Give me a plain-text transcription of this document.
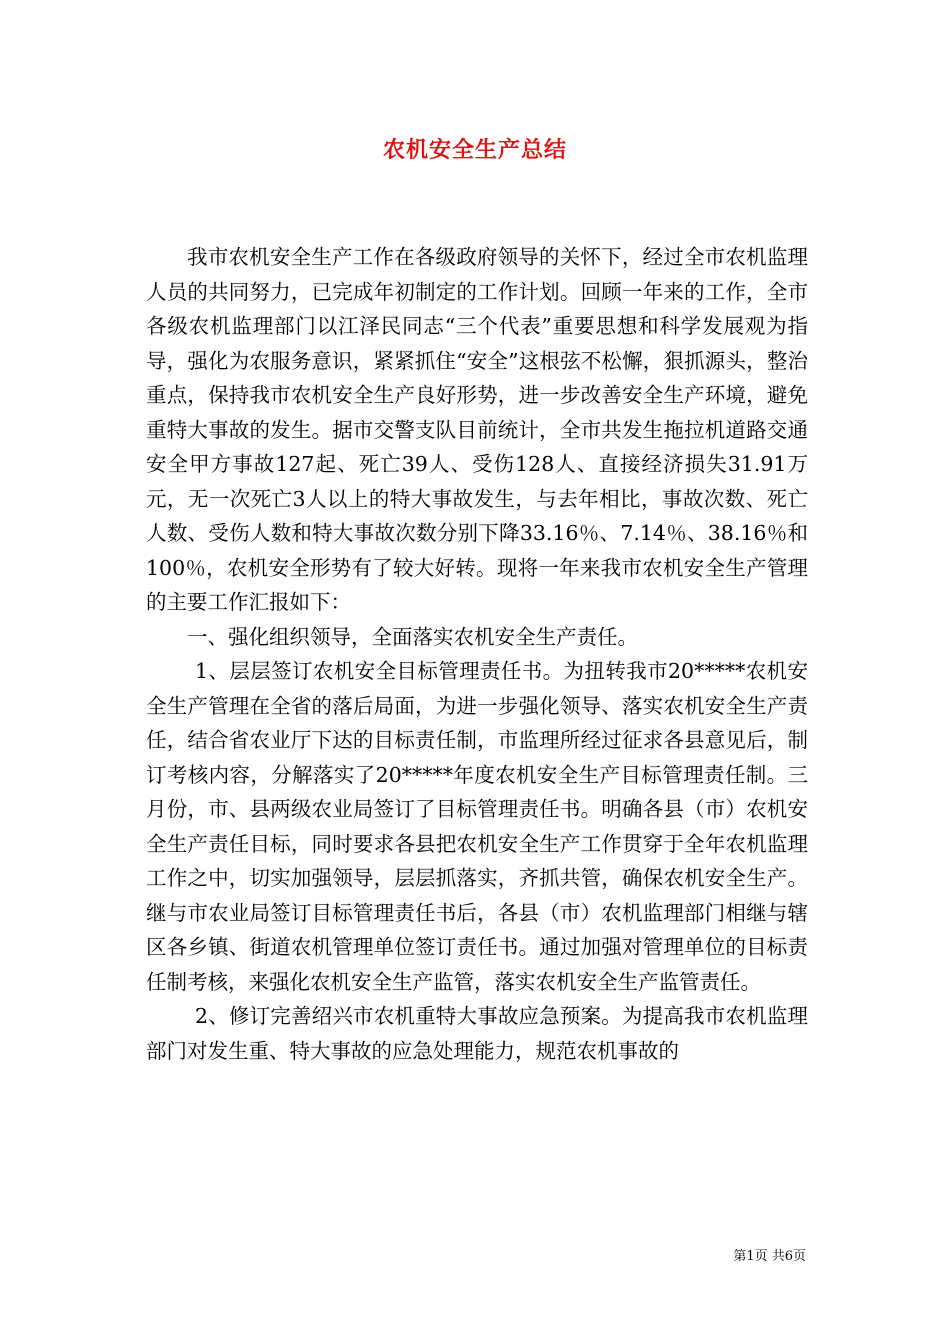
农机安全生产总结

我市农机安全生产工作在各级政府领导的关怀下，经过全市农机监理人员的共同努力，已完成年初制定的工作计划。回顾一年来的工作，全市各级农机监理部门以江泽民同志“三个代表”重要思想和科学发展观为指导，强化为农服务意识，紧紧抓住“安全”这根弦不松懈，狠抓源头，整治重点，保持我市农机安全生产良好形势，进一步改善安全生产环境，避免重特大事故的发生。据市交警支队目前统计，全市共发生拖拉机道路交通安全甲方事故127起、死亡39人、受伤128人、直接经济损失31.91万元，无一次死亡3人以上的特大事故发生，与去年相比，事故次数、死亡人数、受伤人数和特大事故次数分别下降33.16％、7.14％、38.16％和100％，农机安全形势有了较大好转。现将一年来我市农机安全生产管理的主要工作汇报如下：

一、强化组织领导，全面落实农机安全生产责任。

1、层层签订农机安全目标管理责任书。为扭转我市20*****农机安全生产管理在全省的落后局面，为进一步强化领导、落实农机安全生产责任，结合省农业厅下达的目标责任制，市监理所经过征求各县意见后，制订考核内容，分解落实了20*****年度农机安全生产目标管理责任制。三月份，市、县两级农业局签订了目标管理责任书。明确各县（市）农机安全生产责任目标，同时要求各县把农机安全生产工作贯穿于全年农机监理工作之中，切实加强领导，层层抓落实，齐抓共管，确保农机安全生产。继与市农业局签订目标管理责任书后，各县（市）农机监理部门相继与辖区各乡镇、街道农机管理单位签订责任书。通过加强对管理单位的目标责任制考核，来强化农机安全生产监管，落实农机安全生产监管责任。

2、修订完善绍兴市农机重特大事故应急预案。为提高我市农机监理部门对发生重、特大事故的应急处理能力，规范农机事故的

第1页 共6页
